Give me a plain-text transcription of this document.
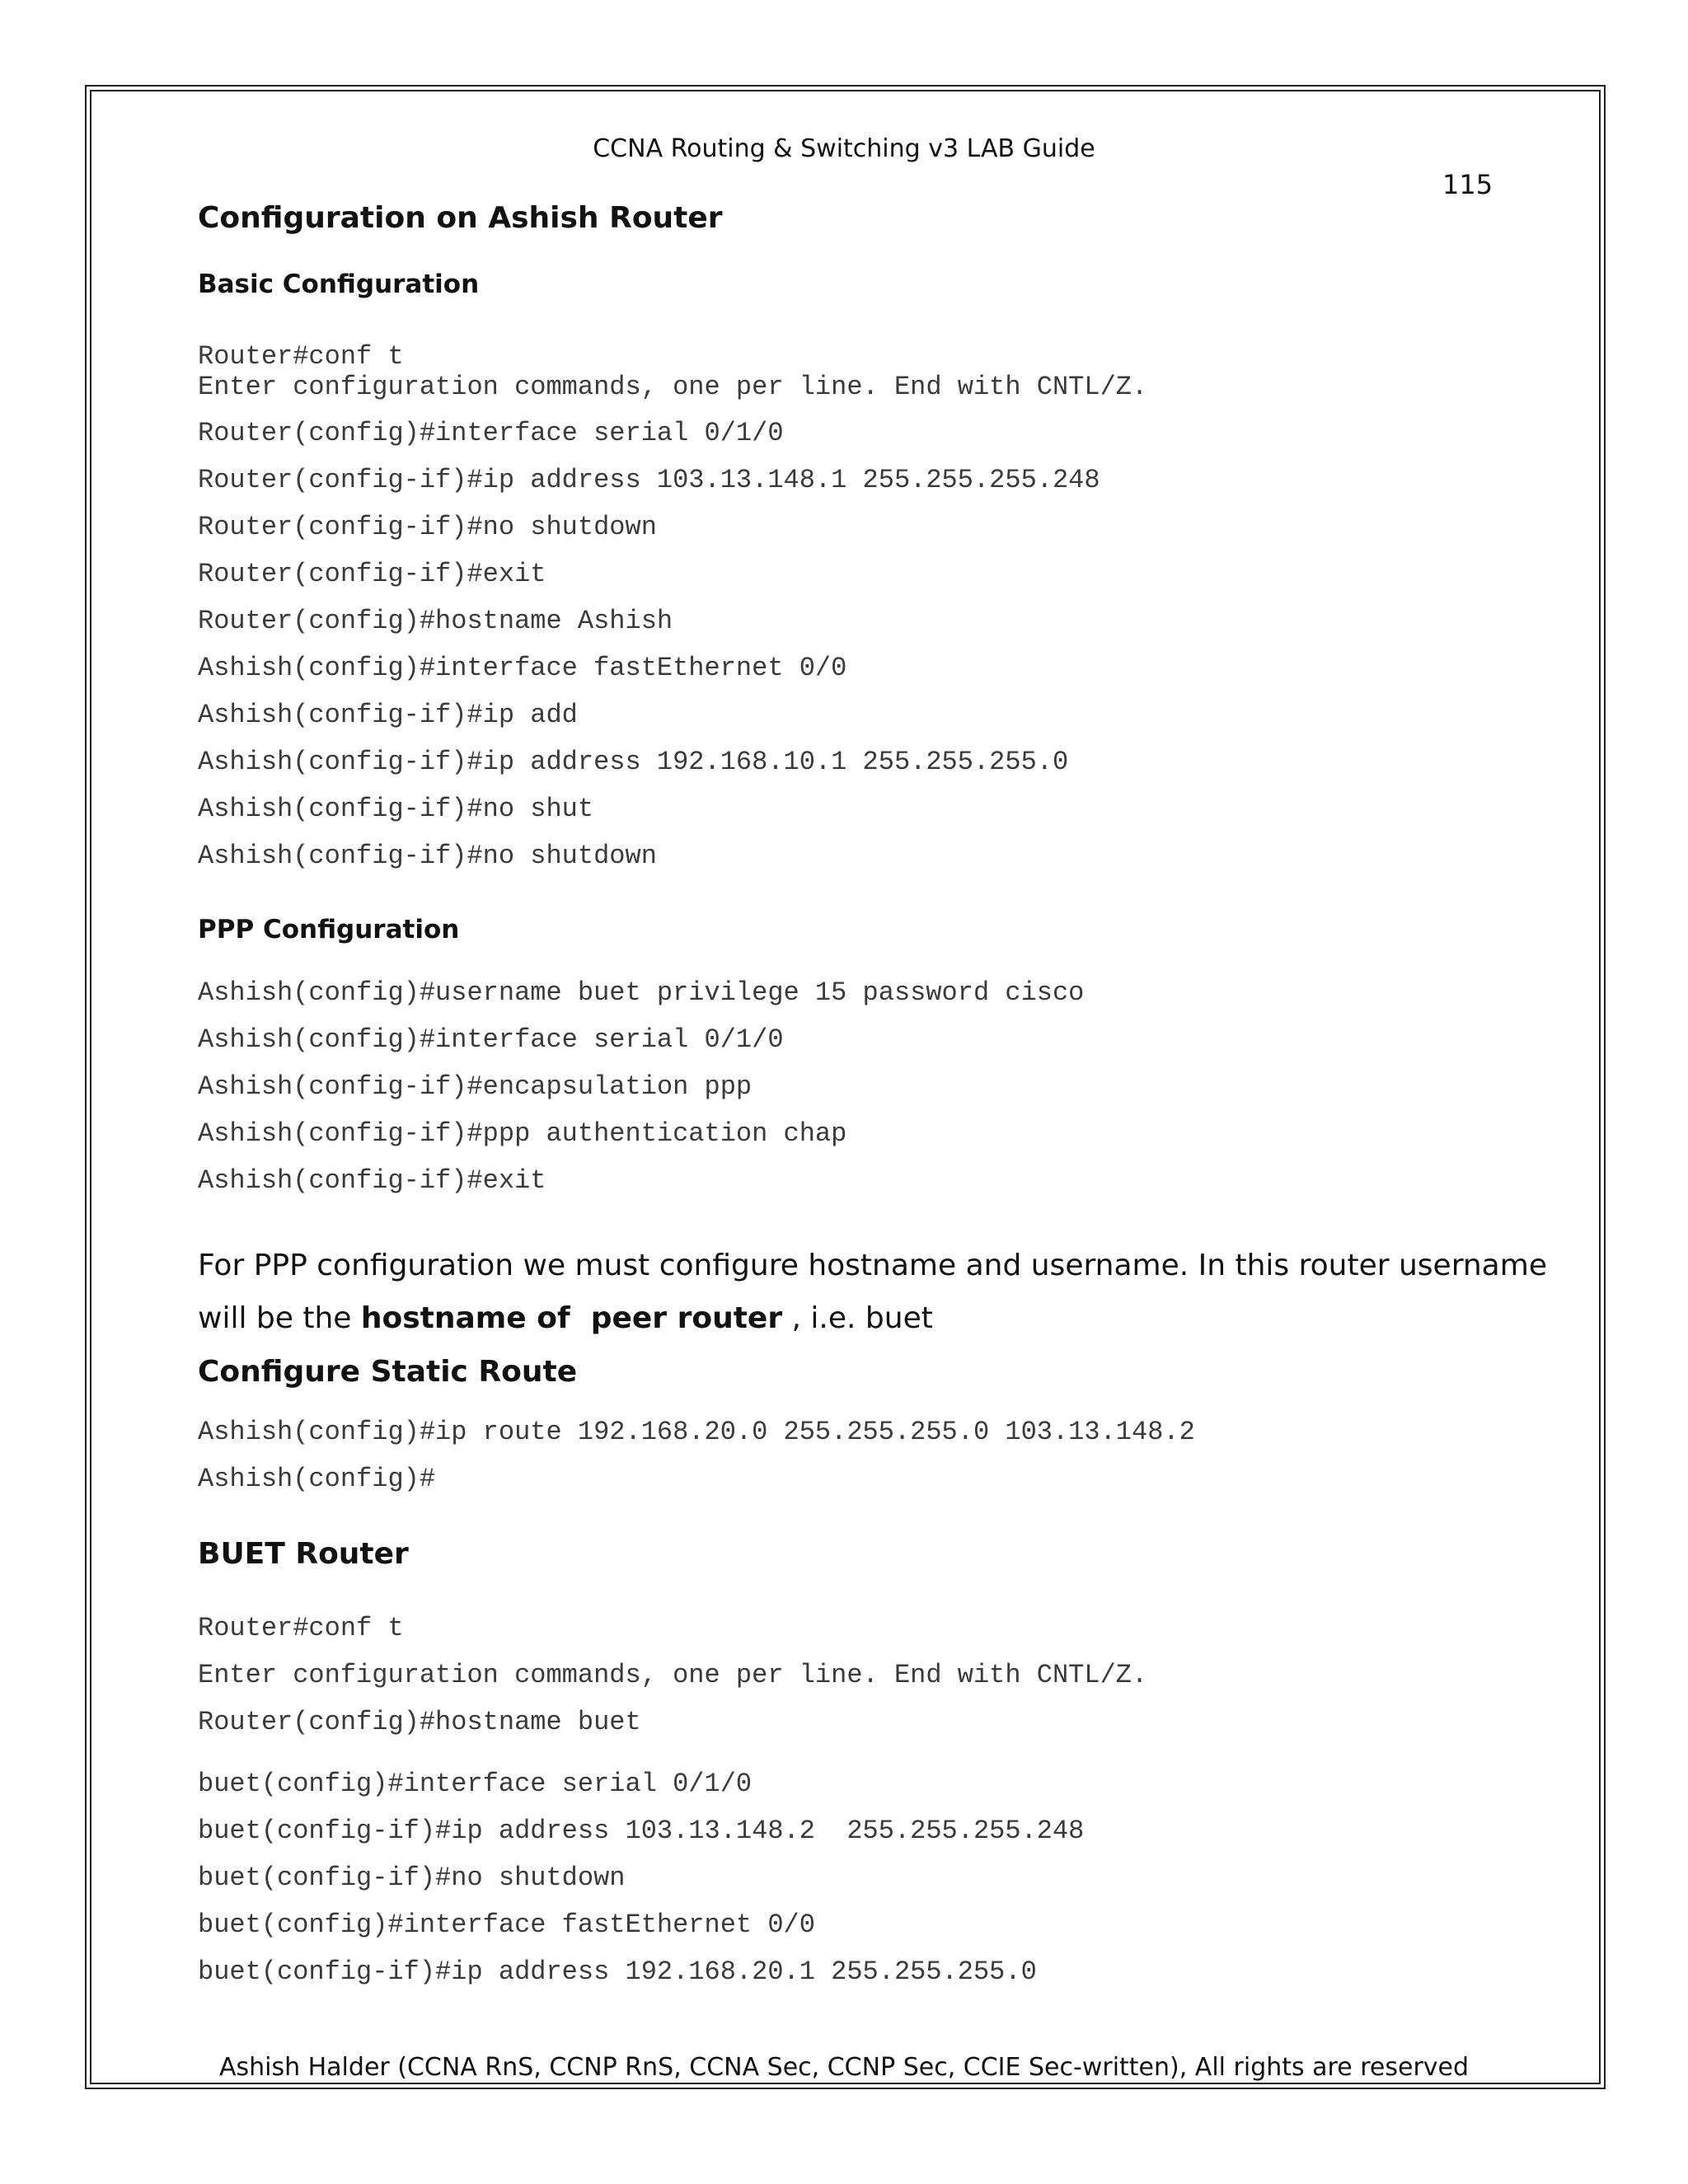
CCNA Routing & Switching v3 LAB Guide
115
Configuration on Ashish Router
Basic Configuration
Router#conf t
Enter configuration commands, one per line. End with CNTL/Z.
Router(config)#interface serial 0/1/0
Router(config-if)#ip address 103.13.148.1 255.255.255.248
Router(config-if)#no shutdown
Router(config-if)#exit
Router(config)#hostname Ashish
Ashish(config)#interface fastEthernet 0/0
Ashish(config-if)#ip add
Ashish(config-if)#ip address 192.168.10.1 255.255.255.0
Ashish(config-if)#no shut
Ashish(config-if)#no shutdown
PPP Configuration
Ashish(config)#username buet privilege 15 password cisco
Ashish(config)#interface serial 0/1/0
Ashish(config-if)#encapsulation ppp
Ashish(config-if)#ppp authentication chap
Ashish(config-if)#exit
For PPP configuration we must configure hostname and username. In this router username
will be the hostname of  peer router , i.e. buet
Configure Static Route
Ashish(config)#ip route 192.168.20.0 255.255.255.0 103.13.148.2
Ashish(config)#
BUET Router
Router#conf t
Enter configuration commands, one per line. End with CNTL/Z.
Router(config)#hostname buet
buet(config)#interface serial 0/1/0
buet(config-if)#ip address 103.13.148.2  255.255.255.248
buet(config-if)#no shutdown
buet(config)#interface fastEthernet 0/0
buet(config-if)#ip address 192.168.20.1 255.255.255.0
Ashish Halder (CCNA RnS, CCNP RnS, CCNA Sec, CCNP Sec, CCIE Sec-written), All rights are reserved
